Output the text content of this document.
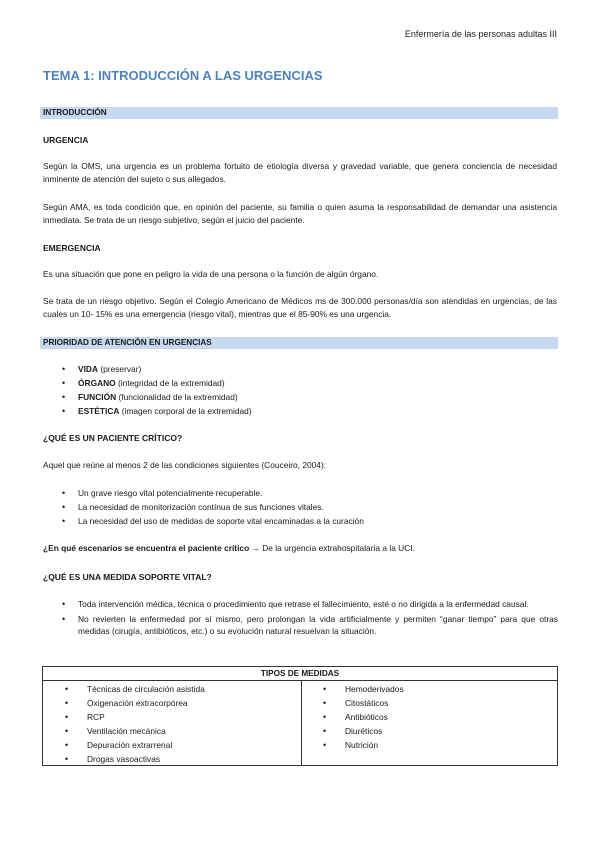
Enfermería de las personas adultas III
TEMA 1: INTRODUCCIÓN A LAS URGENCIAS
INTRODUCCIÓN
URGENCIA

Según la OMS, una urgencia es un problema fortuito de etiología diversa y gravedad variable, que genera conciencia de necesidad inminente de atención del sujeto o sus allegados.

Según AMA, es toda condición que, en opinión del paciente, su familia o quien asuma la responsabilidad de demandar una asistencia inmediata. Se trata de un riesgo subjetivo, según el juicio del paciente.

EMERGENCIA

Es una situación que pone en peligro la vida de una persona o la función de algún órgano.

Se trata de un riesgo objetivo. Según el Colegio Americano de Médicos ms de 300.000 personas/día son atendidas en urgencias, de las cuales un 10- 15% es una emergencia (riesgo vital), mientras que el 85-90% es una urgencia.

PRIORIDAD DE ATENCIÓN EN URGENCIAS
• VIDA (preservar)
• ÓRGANO (integridad de la extremidad)
• FUNCIÓN (funcionalidad de la extremidad)
• ESTÉTICA (imagen corporal de la extremidad)
¿QUÉ ES UN PACIENTE CRÍTICO?

Aquel que reúne al menos 2 de las condiciones siguientes (Couceiro, 2004):

• Un grave riesgo vital potencialmente recuperable.
• La necesidad de monitorización contínua de sus funciones vitales.
• La necesidad del uso de medidas de soporte vital encaminadas a la curación

¿En qué escenarios se encuentra el paciente crítico → De la urgencia extrahospitalaria a la UCI.

¿QUÉ ES UNA MEDIDA SOPORTE VITAL?
• Toda intervención médica, técnica o procedimiento que retrase el fallecimiento, esté o no dirigida a la enfermedad causal.
• No revierten la enfermedad por sí mismo, pero prolongan la vida artificialmente y permiten “ganar tiempo” para que otras medidas (cirugía, antibióticos, etc.) o su evolución natural resuelvan la situación.
TIPOS DE MEDIDAS
• Técnicas de circulación asistida
• Oxigenación extracorpórea
• RCP
• Ventilación mecánica
• Depuración extrarrenal
• Drogas vasoactivas
• Hemoderivados
• Citostáticos
• Antibióticos
• Diuréticos
• Nutrición
